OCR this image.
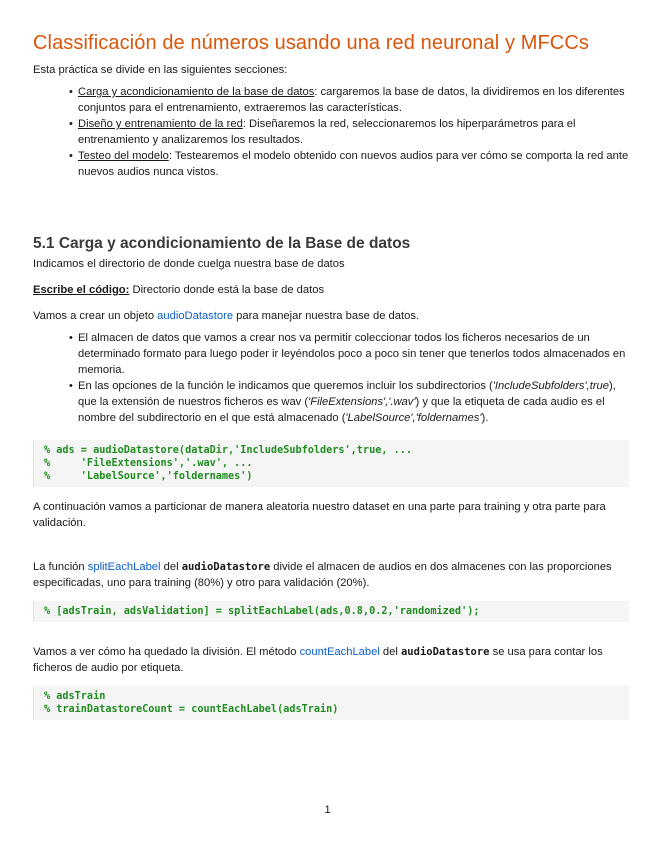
Classificación de números usando una red neuronal y MFCCs

Esta práctica se divide en las siguientes secciones:

• Carga y acondicionamiento de la base de datos: cargaremos la base de datos, la dividiremos en los diferentes conjuntos para el entrenamiento, extraeremos las características.
• Diseño y entrenamiento de la red: Diseñaremos la red, seleccionaremos los hiperparámetros para el entrenamiento y analizaremos los resultados.
• Testeo del modelo: Testearemos el modelo obtenido con nuevos audios para ver cómo se comporta la red ante nuevos audios nunca vistos.
5.1 Carga y acondicionamiento de la Base de datos

Indicamos el directorio de donde cuelga nuestra base de datos

Escribe el código: Directorio donde está la base de datos

Vamos a crear un objeto audioDatastore para manejar nuestra base de datos.

• El almacen de datos que vamos a crear nos va permitir coleccionar todos los ficheros necesarios de un determinado formato para luego poder ir leyéndolos poco a poco sin tener que tenerlos todos almacenados en memoria.
• En las opciones de la función le indicamos que queremos incluir los subdirectorios ('IncludeSubfolders',true), que la extensión de nuestros ficheros es wav ('FileExtensions','.wav') y que la etiqueta de cada audio es el nombre del subdirectorio en el que está almacenado ('LabelSource','foldernames').
% ads = audioDatastore(dataDir,'IncludeSubfolders',true, ...
%     'FileExtensions','.wav', ...
%     'LabelSource','foldernames')

A continuación vamos a particionar de manera aleatoria nuestro dataset en una parte para training y otra parte para validación.

La función splitEachLabel del audioDatastore divide el almacen de audios en dos almacenes con las proporciones especificadas, uno para training (80%) y otro para validación (20%).

% [adsTrain, adsValidation] = splitEachLabel(ads,0.8,0.2,'randomized');

Vamos a ver cómo ha quedado la división. El método countEachLabel del audioDatastore se usa para contar los ficheros de audio por etiqueta.

% adsTrain
% trainDatastoreCount = countEachLabel(adsTrain)
1
